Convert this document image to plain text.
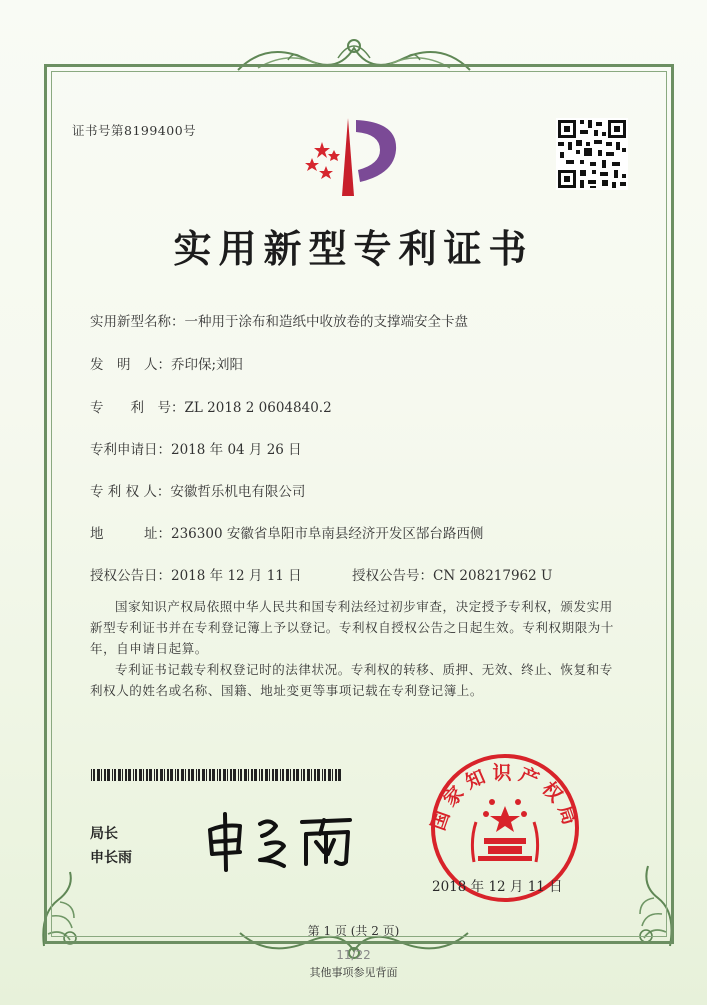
证书号第8199400号
实用新型专利证书
实用新型名称：一种用于涂布和造纸中收放卷的支撑端安全卡盘
发　明　人：乔印保;刘阳
专　　利　号：ZL 2018 2 0604840.2
专利申请日：2018 年 04 月 26 日
专 利 权 人：安徽哲乐机电有限公司
地　　　址：236300 安徽省阜阳市阜南县经济开发区郜台路西侧
授权公告日：2018 年 12 月 11 日	授权公告号：CN 208217962 U
国家知识产权局依照中华人民共和国专利法经过初步审查，决定授予专利权，颁发实用新型专利证书并在专利登记簿上予以登记。专利权自授权公告之日起生效。专利权期限为十年，自申请日起算。
专利证书记载专利权登记时的法律状况。专利权的转移、质押、无效、终止、恢复和专利权人的姓名或名称、国籍、地址变更等事项记载在专利登记簿上。
局长
申长雨
国家知识产权局
2018 年 12 月 11 日
第 1 页 (共 2 页)
11/22
其他事项参见背面
